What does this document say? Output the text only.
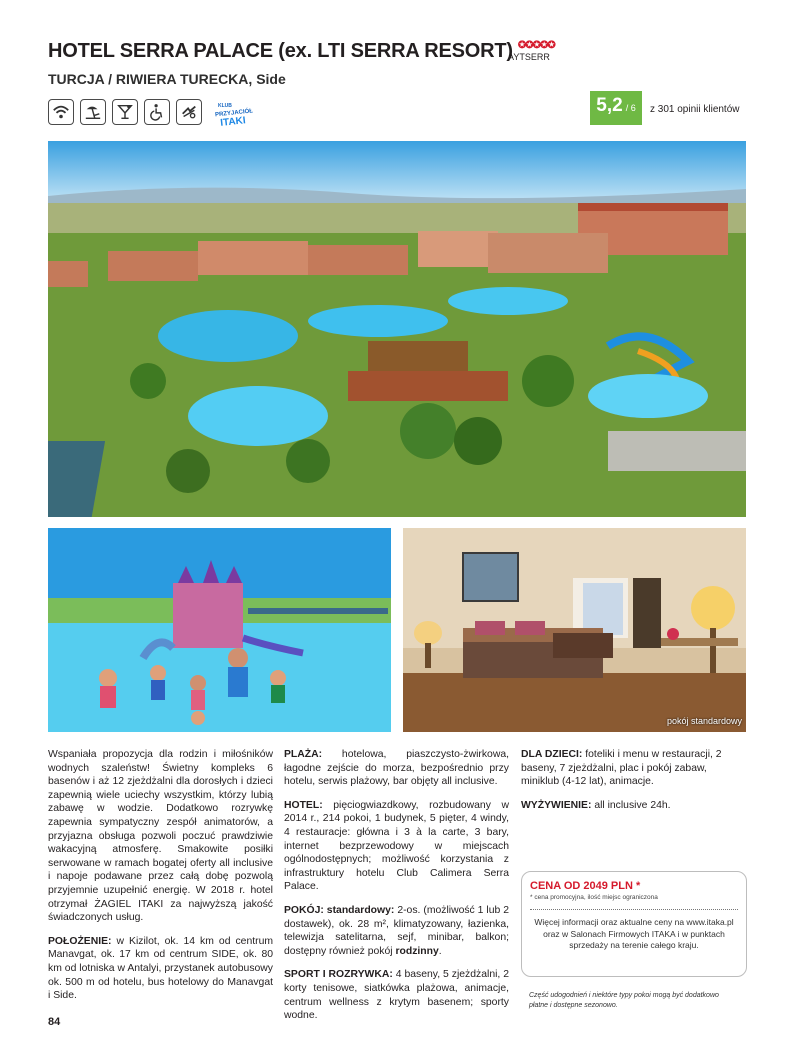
HOTEL SERRA PALACE (ex. LTI SERRA RESORT) ✪✪✪✪✪
AYTSERR
TURCJA / RIWIERA TURECKA, Side
KLUB
PRZYJACIÓŁ
ITAKI
5,2 / 6 z 301 opinii klientów
pokój standardowy

Wspaniała propozycja dla rodzin i miłośników wodnych szaleństw! Świetny kompleks 6 basenów i aż 12 zjeżdżalni dla dorosłych i dzieci zapewnią wiele uciechy wszystkim, którzy lubią zabawę w wodzie. Dodatkowo rozrywkę zapewnia sympatyczny zespół animatorów, a przyjazna obsługa pozwoli poczuć prawdziwie wakacyjną atmosferę. Smakowite posiłki serwowane w ramach bogatej oferty all inclusive i napoje podawane przez całą dobę pozwolą przyjemnie uzupełnić energię. W 2018 r. hotel otrzymał ŻAGIEL ITAKI za najwyższą jakość świadczonych usług.

POŁOŻENIE: w Kizilot, ok. 14 km od centrum Manavgat, ok. 17 km od centrum SIDE, ok. 80 km od lotniska w Antalyi, przystanek autobusowy ok. 500 m od hotelu, bus hotelowy do Manavgat i Side.

PLAŻA: hotelowa, piaszczysto-żwirkowa, łagodne zejście do morza, bezpośrednio przy hotelu, serwis plażowy, bar objęty all inclusive.

HOTEL: pięciogwiazdkowy, rozbudowany w 2014 r., 214 pokoi, 1 budynek, 5 pięter, 4 windy, 4 restauracje: główna i 3 à la carte, 3 bary, internet bezprzewodowy w miejscach ogólnodostępnych; możliwość korzystania z infrastruktury hotelu Club Calimera Serra Palace.

POKÓJ: standardowy: 2-os. (możliwość 1 lub 2 dostawek), ok. 28 m², klimatyzowany, łazienka, telewizja satelitarna, sejf, minibar, balkon; dostępny również pokój rodzinny.

SPORT I ROZRYWKA: 4 baseny, 5 zjeżdżalni, 2 korty tenisowe, siatkówka plażowa, animacje, centrum wellness z krytym basenem; sporty wodne.

DLA DZIECI: foteliki i menu w restauracji, 2 baseny, 7 zjeżdżalni, plac i pokój zabaw, miniklub (4-12 lat), animacje.

WYŻYWIENIE: all inclusive 24h.

CENA OD 2049 PLN *
* cena promocyjna, ilość miejsc ograniczona
Więcej informacji oraz aktualne ceny na www.itaka.pl oraz w Salonach Firmowych ITAKA i w punktach sprzedaży na terenie całego kraju.
Część udogodnień i niektóre typy pokoi mogą być dodatkowo płatne i dostępne sezonowo.
84
